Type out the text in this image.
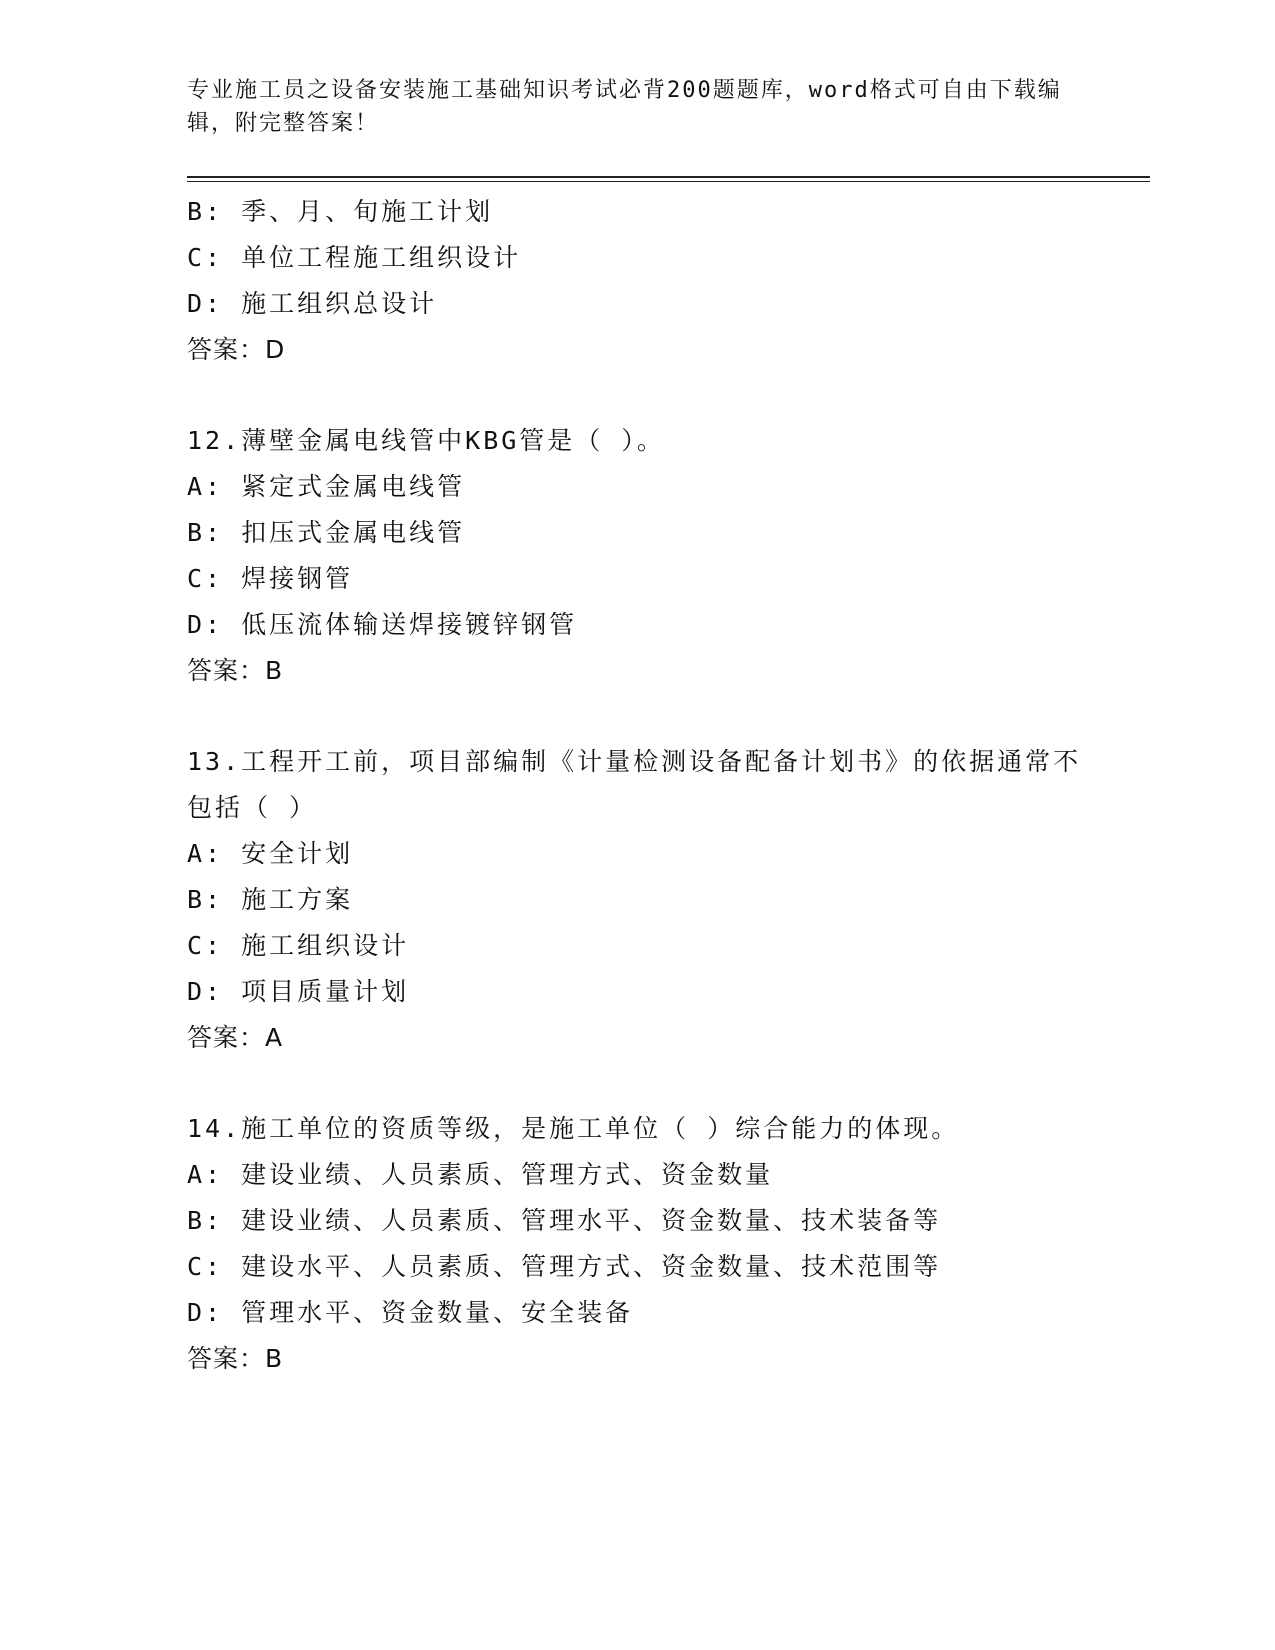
专业施工员之设备安装施工基础知识考试必背200题题库，word格式可自由下载编辑，附完整答案！
B: 季、月、旬施工计划
C: 单位工程施工组织设计
D: 施工组织总设计
答案：D
12.薄壁金属电线管中KBG管是（ ）。
A: 紧定式金属电线管
B: 扣压式金属电线管
C: 焊接钢管
D: 低压流体输送焊接镀锌钢管
答案：B
13.工程开工前，项目部编制《计量检测设备配备计划书》的依据通常不包括（ ）
A: 安全计划
B: 施工方案
C: 施工组织设计
D: 项目质量计划
答案：A
14.施工单位的资质等级，是施工单位（ ）综合能力的体现。
A: 建设业绩、人员素质、管理方式、资金数量
B: 建设业绩、人员素质、管理水平、资金数量、技术装备等
C: 建设水平、人员素质、管理方式、资金数量、技术范围等
D: 管理水平、资金数量、安全装备
答案：B
